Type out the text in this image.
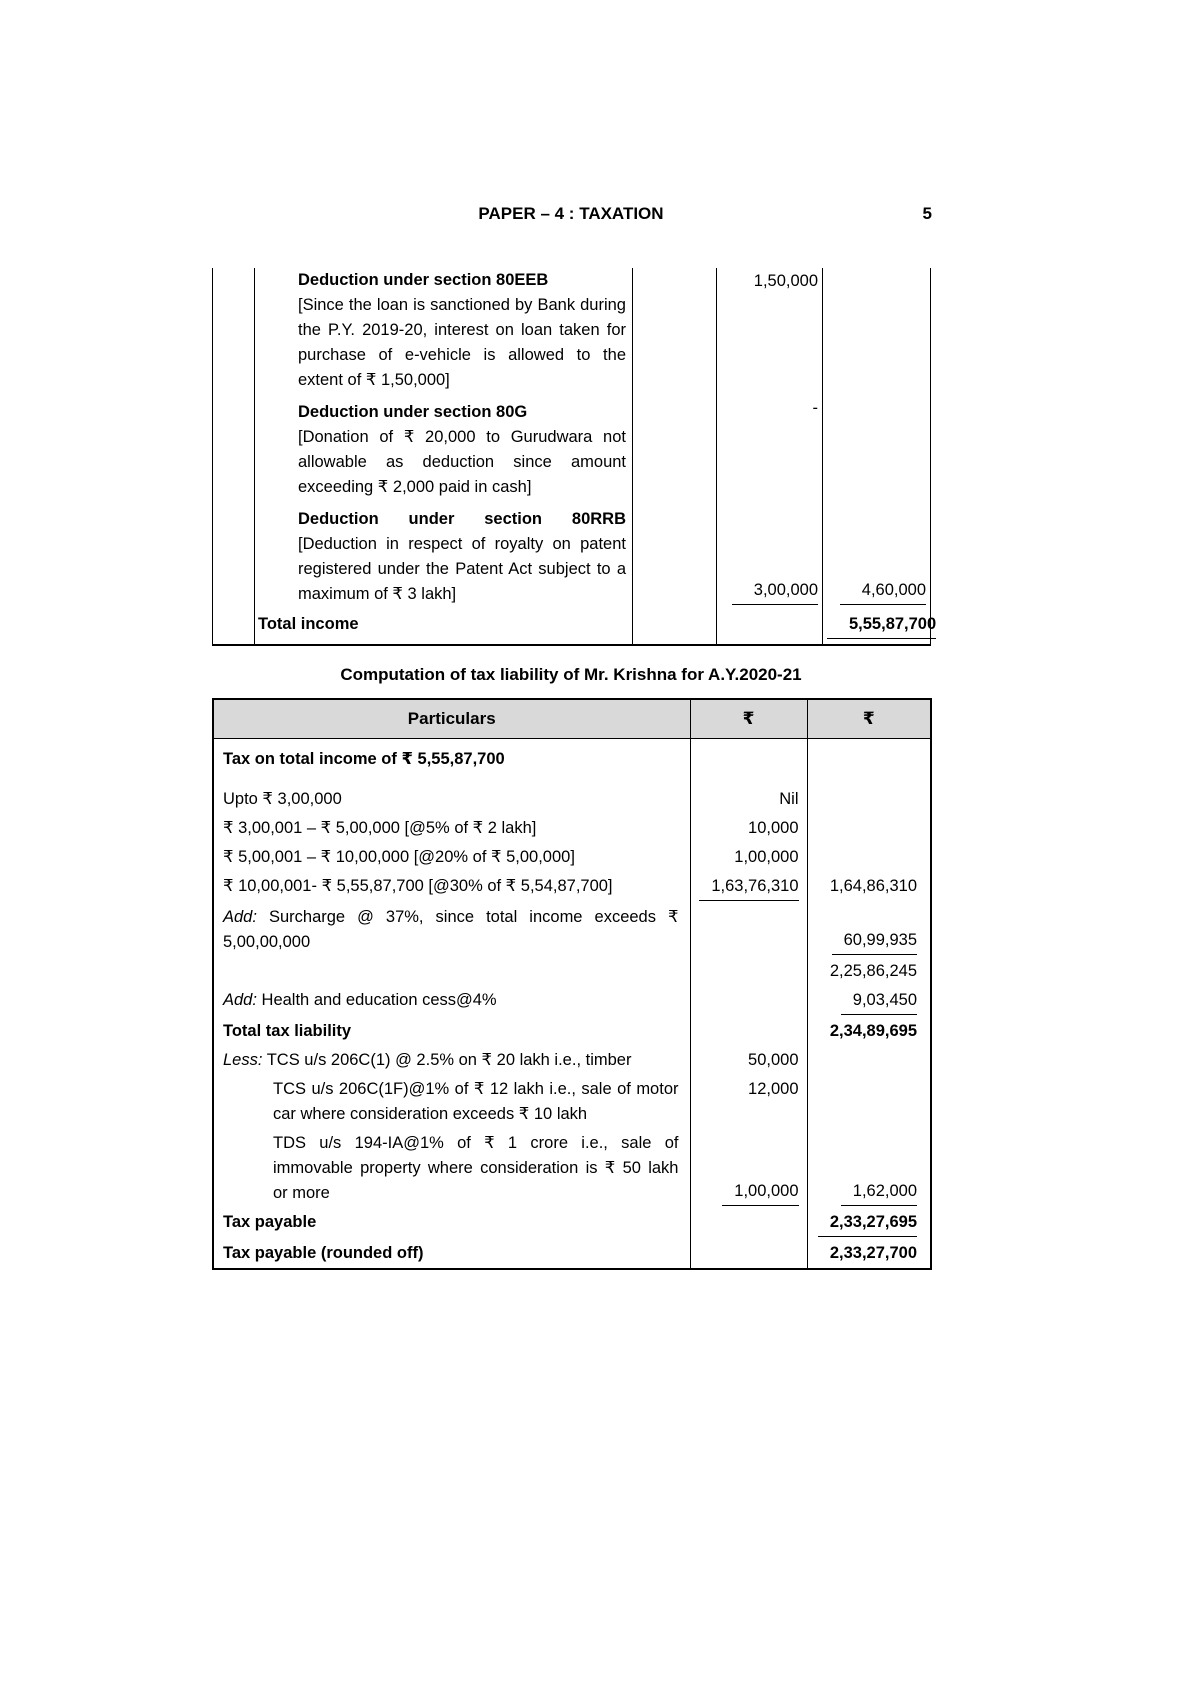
PAPER – 4 : TAXATION	5

	Deduction under section 80EEB
[Since the loan is sanctioned by Bank during the P.Y. 2019-20, interest on loan taken for purchase of e-vehicle is allowed to the extent of ₹ 1,50,000]		1,50,000	

	Deduction under section 80G
[Donation of ₹ 20,000 to Gurudwara not allowable as deduction since amount exceeding ₹ 2,000 paid in cash]		-	

	Deduction under section 80RRB
[Deduction in respect of royalty on patent registered under the Patent Act subject to a maximum of ₹ 3 lakh]		3,00,000	4,60,000

	Total income			5,55,87,700
Computation of tax liability of Mr. Krishna for A.Y.2020-21
Particulars	₹	₹

Tax on total income of ₹ 5,55,87,700		

Upto ₹ 3,00,000	Nil	

₹ 3,00,001 – ₹ 5,00,000 [@5% of ₹ 2 lakh]	10,000	

₹ 5,00,001 – ₹ 10,00,000 [@20% of ₹ 5,00,000]	1,00,000	

₹ 10,00,001- ₹ 5,55,87,700 [@30% of ₹ 5,54,87,700]	1,63,76,310	1,64,86,310

Add: Surcharge @ 37%, since total income exceeds ₹ 5,00,00,000		60,99,935

		2,25,86,245

Add: Health and education cess@4%		9,03,450

Total tax liability		2,34,89,695

Less: TCS u/s 206C(1) @ 2.5% on ₹ 20 lakh i.e., timber	50,000	

TCS u/s 206C(1F)@1% of ₹ 12 lakh i.e., sale of motor car where consideration exceeds ₹ 10 lakh	12,000	

TDS u/s 194-IA@1% of ₹ 1 crore i.e., sale of immovable property where consideration is ₹ 50 lakh or more	1,00,000	1,62,000

Tax payable		2,33,27,695

Tax payable (rounded off)		2,33,27,700
